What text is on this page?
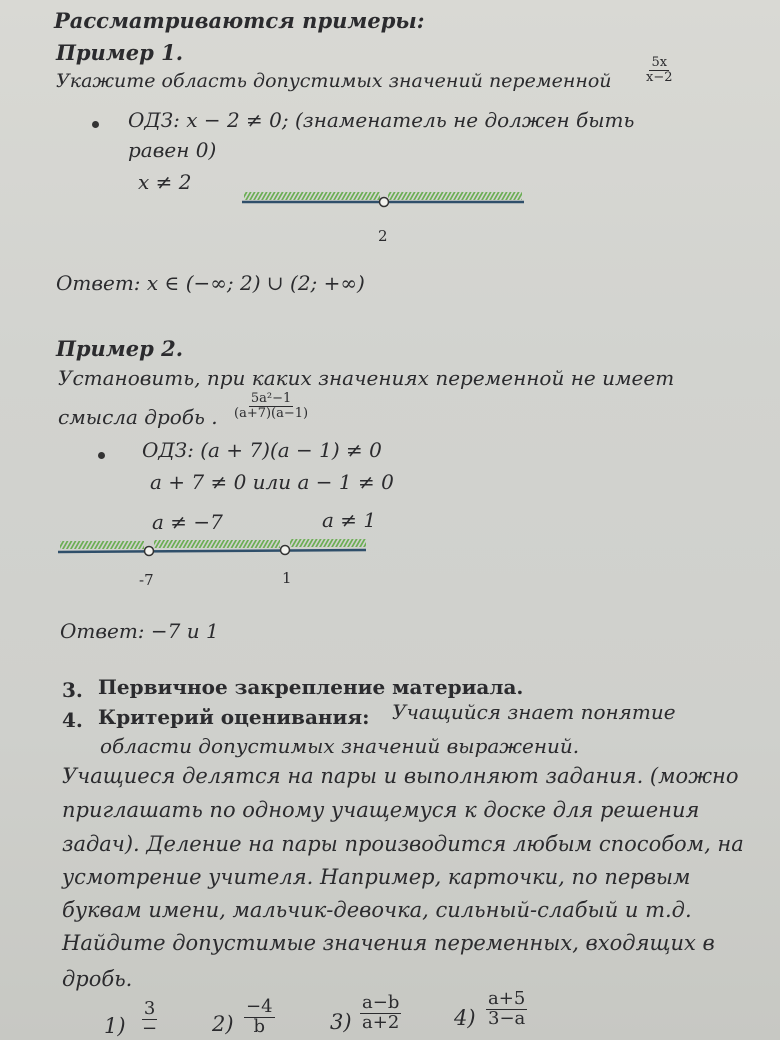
Рассматриваются примеры:
Пример 1.
Укажите область допустимых значений переменной $\frac{5x}{x-2}$
ОДЗ: x − 2 ≠ 0; (знаменатель не должен быть
равен 0)
x ≠ 2
2
Ответ: x ∈ (−∞; 2) ∪ (2; +∞)
Пример 2.
Установить, при каких значениях переменной не имеет
смысла дробь . $\frac{\text{5a²−1}}{(a+7)(a-1)}$
ОДЗ: (a + 7)(a − 1) ≠ 0
a + 7 ≠ 0 или a − 1 ≠ 0
a ≠ −7	a ≠ 1
-7	1
Ответ: −7 и 1
3. Первичное закрепление материала.
4. Критерий оценивания: Учащийся знает понятие
области допустимых значений выражений.
Учащиеся делятся на пары и выполняют задания. (можно
приглашать по одному учащемуся к доске для решения
задач). Деление на пары производится любым способом, на
усмотрение учителя. Например, карточки, по первым
буквам имени, мальчик-девочка, сильный-слабый и т.д.
Найдите допустимые значения переменных, входящих в
дробь.
1)
3
−	$2) \frac{-4}{b}$	$3) \frac{a-b}{a+2}$	$4) \frac{a+5}{3-a}$
